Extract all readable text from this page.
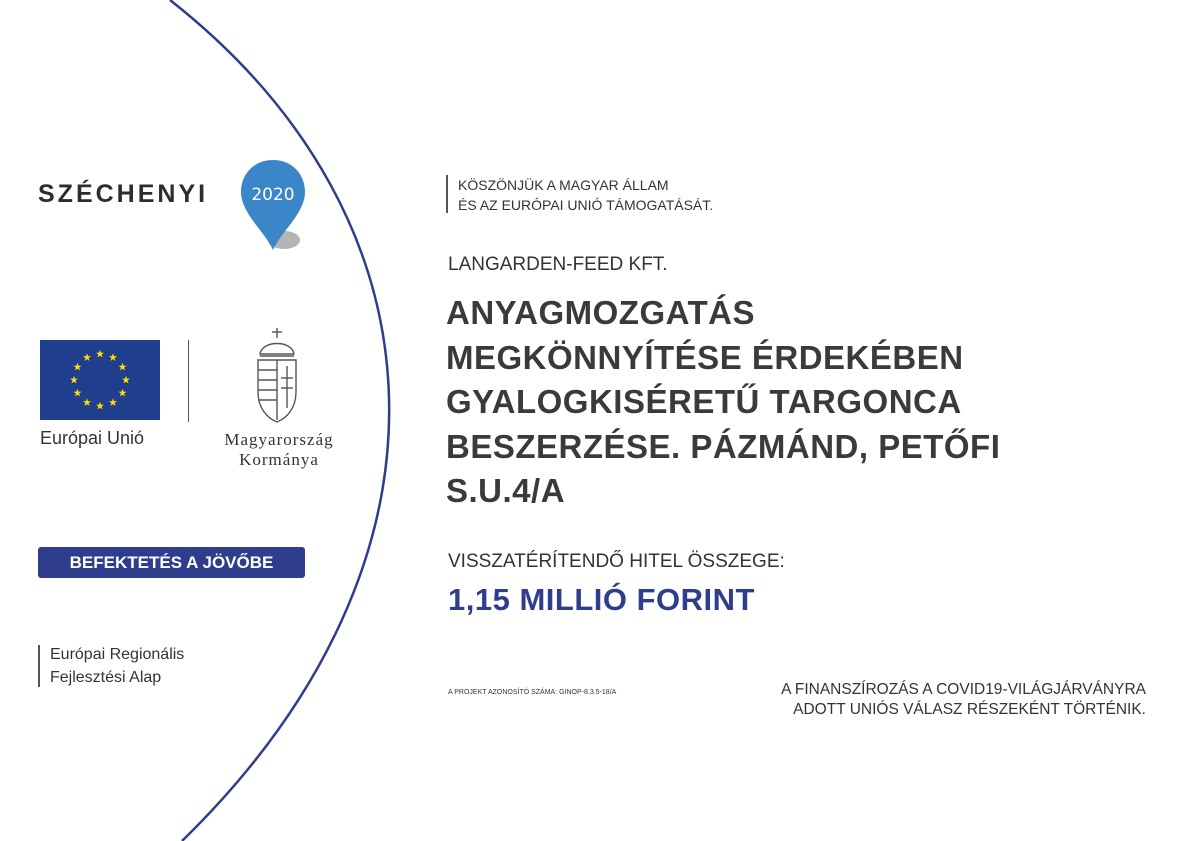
SZÉCHENYI	2020
Európai Unió	Magyarország
Kormánya
BEFEKTETÉS A JÖVŐBE
Európai Regionális
Fejlesztési Alap
KÖSZÖNJÜK A MAGYAR ÁLLAM
ÉS AZ EURÓPAI UNIÓ TÁMOGATÁSÁT.
LANGARDEN-FEED KFT.
ANYAGMOZGATÁS
MEGKÖNNYÍTÉSE ÉRDEKÉBEN
GYALOGKISÉRETŰ TARGONCA
BESZERZÉSE. PÁZMÁND, PETŐFI
S.U.4/A
VISSZATÉRÍTENDŐ HITEL ÖSSZEGE:
1,15 MILLIÓ FORINT
A PROJEKT AZONOSÍTÓ SZÁMA: GINOP-8.3.5-18/A	A FINANSZÍROZÁS A COVID19-VILÁGJÁRVÁNYRA
ADOTT UNIÓS VÁLASZ RÉSZEKÉNT TÖRTÉNIK.
